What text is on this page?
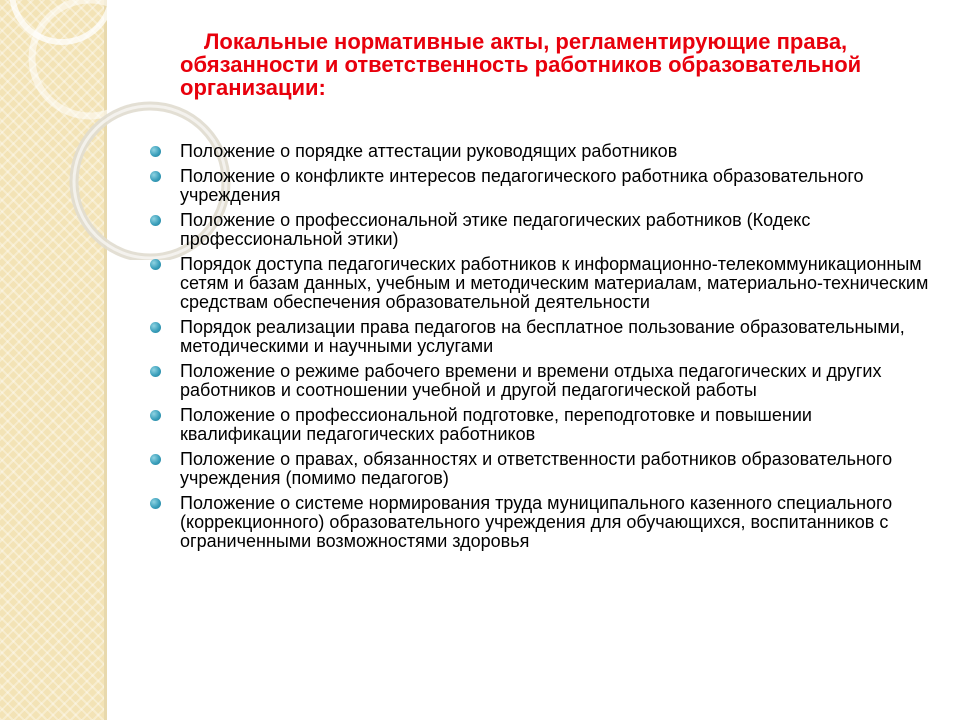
Локальные нормативные акты, регламентирующие права, обязанности и ответственность работников образовательной организации:
Положение о порядке аттестации руководящих работников
Положение о конфликте интересов педагогического работника образовательного учреждения
Положение о профессиональной этике педагогических работников (Кодекс профессиональной этики)
Порядок доступа педагогических работников к информационно-телекоммуникационным сетям и базам данных, учебным и методическим материалам, материально-техническим средствам обеспечения образовательной деятельности
Порядок реализации права педагогов на бесплатное пользование образовательными, методическими и научными услугами
Положение о режиме рабочего времени и времени отдыха педагогических и других работников и соотношении учебной и другой педагогической работы
Положение о профессиональной подготовке, переподготовке и повышении квалификации педагогических работников
Положение о правах, обязанностях и ответственности работников образовательного учреждения (помимо педагогов)
Положение о системе нормирования труда муниципального казенного специального (коррекционного) образовательного учреждения для обучающихся, воспитанников с ограниченными возможностями здоровья
